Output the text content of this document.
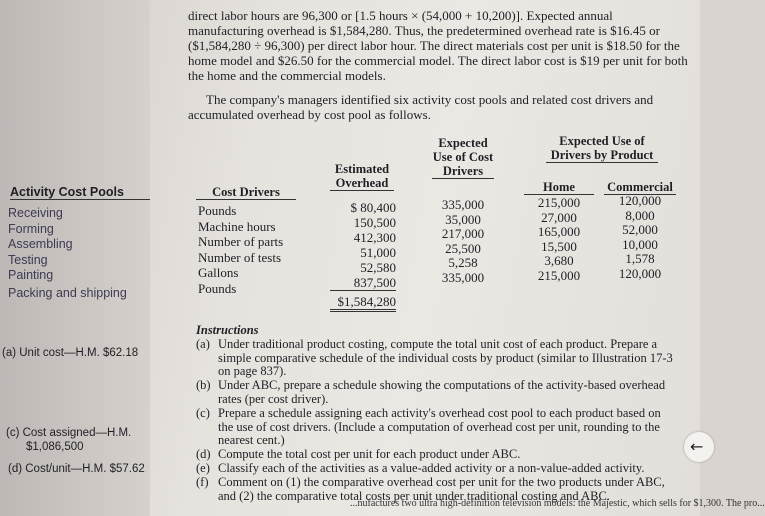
direct labor hours are 96,300 or [1.5 hours × (54,000 + 10,200)]. Expected annual manufacturing overhead is $1,584,280. Thus, the predetermined overhead rate is $16.45 or ($1,584,280 ÷ 96,300) per direct labor hour. The direct materials cost per unit is $18.50 for the home model and $26.50 for the commercial model. The direct labor cost is $19 per unit for both the home and the commercial models.

The company's managers identified six activity cost pools and related cost drivers and accumulated overhead by cost pool as follows.

Activity Cost Pools	Cost Drivers
Estimated Overhead
Expected Use of Cost Drivers
Expected Use of Drivers by Product
Home	Commercial
Receiving
Forming
Assembling
Testing
Painting
Packing and shipping
Pounds
Machine hours
Number of parts
Number of tests
Gallons
Pounds
$ 80,400
150,500
412,300
51,000
52,580
837,500
$1,584,280
335,000
35,000
217,000
25,500
5,258
335,000
215,000
27,000
165,000
15,500
3,680
215,000
120,000
8,000
52,000
10,000
1,578
120,000
(a) Unit cost—H.M. $62.18
(c) Cost assigned—H.M.
$1,086,500
(d) Cost/unit—H.M. $57.62
Instructions
(a) Under traditional product costing, compute the total unit cost of each product. Prepare a simple comparative schedule of the individual costs by product (similar to Illustration 17-3 on page 837).
(b) Under ABC, prepare a schedule showing the computations of the activity-based overhead rates (per cost driver).
(c) Prepare a schedule assigning each activity's overhead cost pool to each product based on the use of cost drivers. (Include a computation of overhead cost per unit, rounding to the nearest cent.)
(d) Compute the total cost per unit for each product under ABC.
(e) Classify each of the activities as a value-added activity or a non-value-added activity.
(f) Comment on (1) the comparative overhead cost per unit for the two products under ABC, and (2) the comparative total costs per unit under traditional costing and ABC.
...nufactures two ultra high-definition television models: the Majestic, which sells for $1,300. The pro...
←
